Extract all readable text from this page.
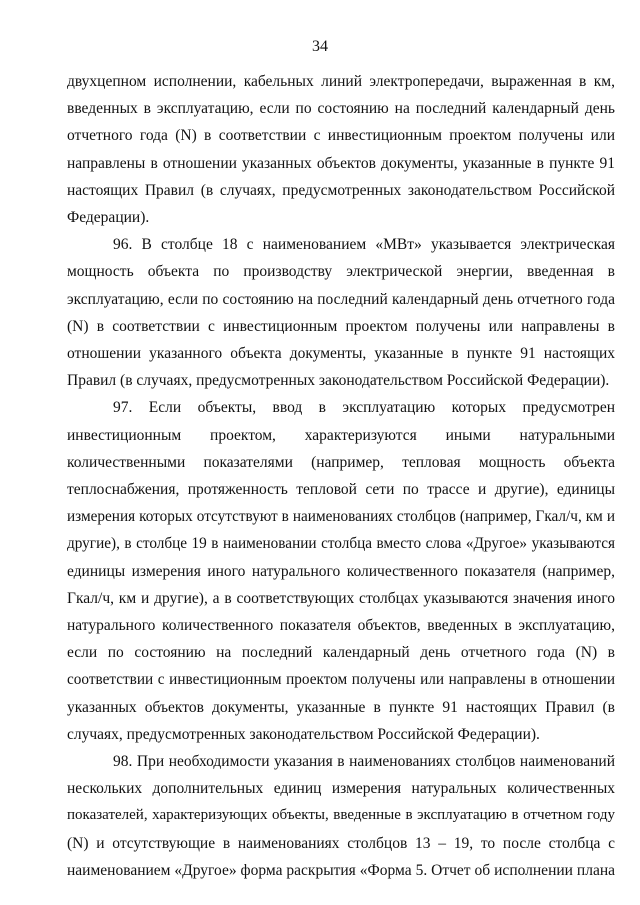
34
двухцепном исполнении, кабельных линий электропередачи, выраженная в км,
введенных в эксплуатацию, если по состоянию на последний календарный день
отчетного года (N) в соответствии с инвестиционным проектом получены или
направлены в отношении указанных объектов документы, указанные в пункте 91
настоящих Правил (в случаях, предусмотренных законодательством Российской
Федерации).
96. В столбце 18 с наименованием «МВт» указывается электрическая
мощность объекта по производству электрической энергии, введенная в
эксплуатацию, если по состоянию на последний календарный день отчетного года
(N) в соответствии с инвестиционным проектом получены или направлены в
отношении указанного объекта документы, указанные в пункте 91 настоящих
Правил (в случаях, предусмотренных законодательством Российской Федерации).
97. Если объекты, ввод в эксплуатацию которых предусмотрен
инвестиционным проектом, характеризуются иными натуральными
количественными показателями (например, тепловая мощность объекта
теплоснабжения, протяженность тепловой сети по трассе и другие), единицы
измерения которых отсутствуют в наименованиях столбцов (например, Гкал/ч, км и
другие), в столбце 19 в наименовании столбца вместо слова «Другое» указываются
единицы измерения иного натурального количественного показателя (например,
Гкал/ч, км и другие), а в соответствующих столбцах указываются значения иного
натурального количественного показателя объектов, введенных в эксплуатацию,
если по состоянию на последний календарный день отчетного года (N) в
соответствии с инвестиционным проектом получены или направлены в отношении
указанных объектов документы, указанные в пункте 91 настоящих Правил (в
случаях, предусмотренных законодательством Российской Федерации).
98. При необходимости указания в наименованиях столбцов наименований
нескольких дополнительных единиц измерения натуральных количественных
показателей, характеризующих объекты, введенные в эксплуатацию в отчетном году
(N) и отсутствующие в наименованиях столбцов 13 – 19, то после столбца с
наименованием «Другое» форма раскрытия «Форма 5. Отчет об исполнении плана
